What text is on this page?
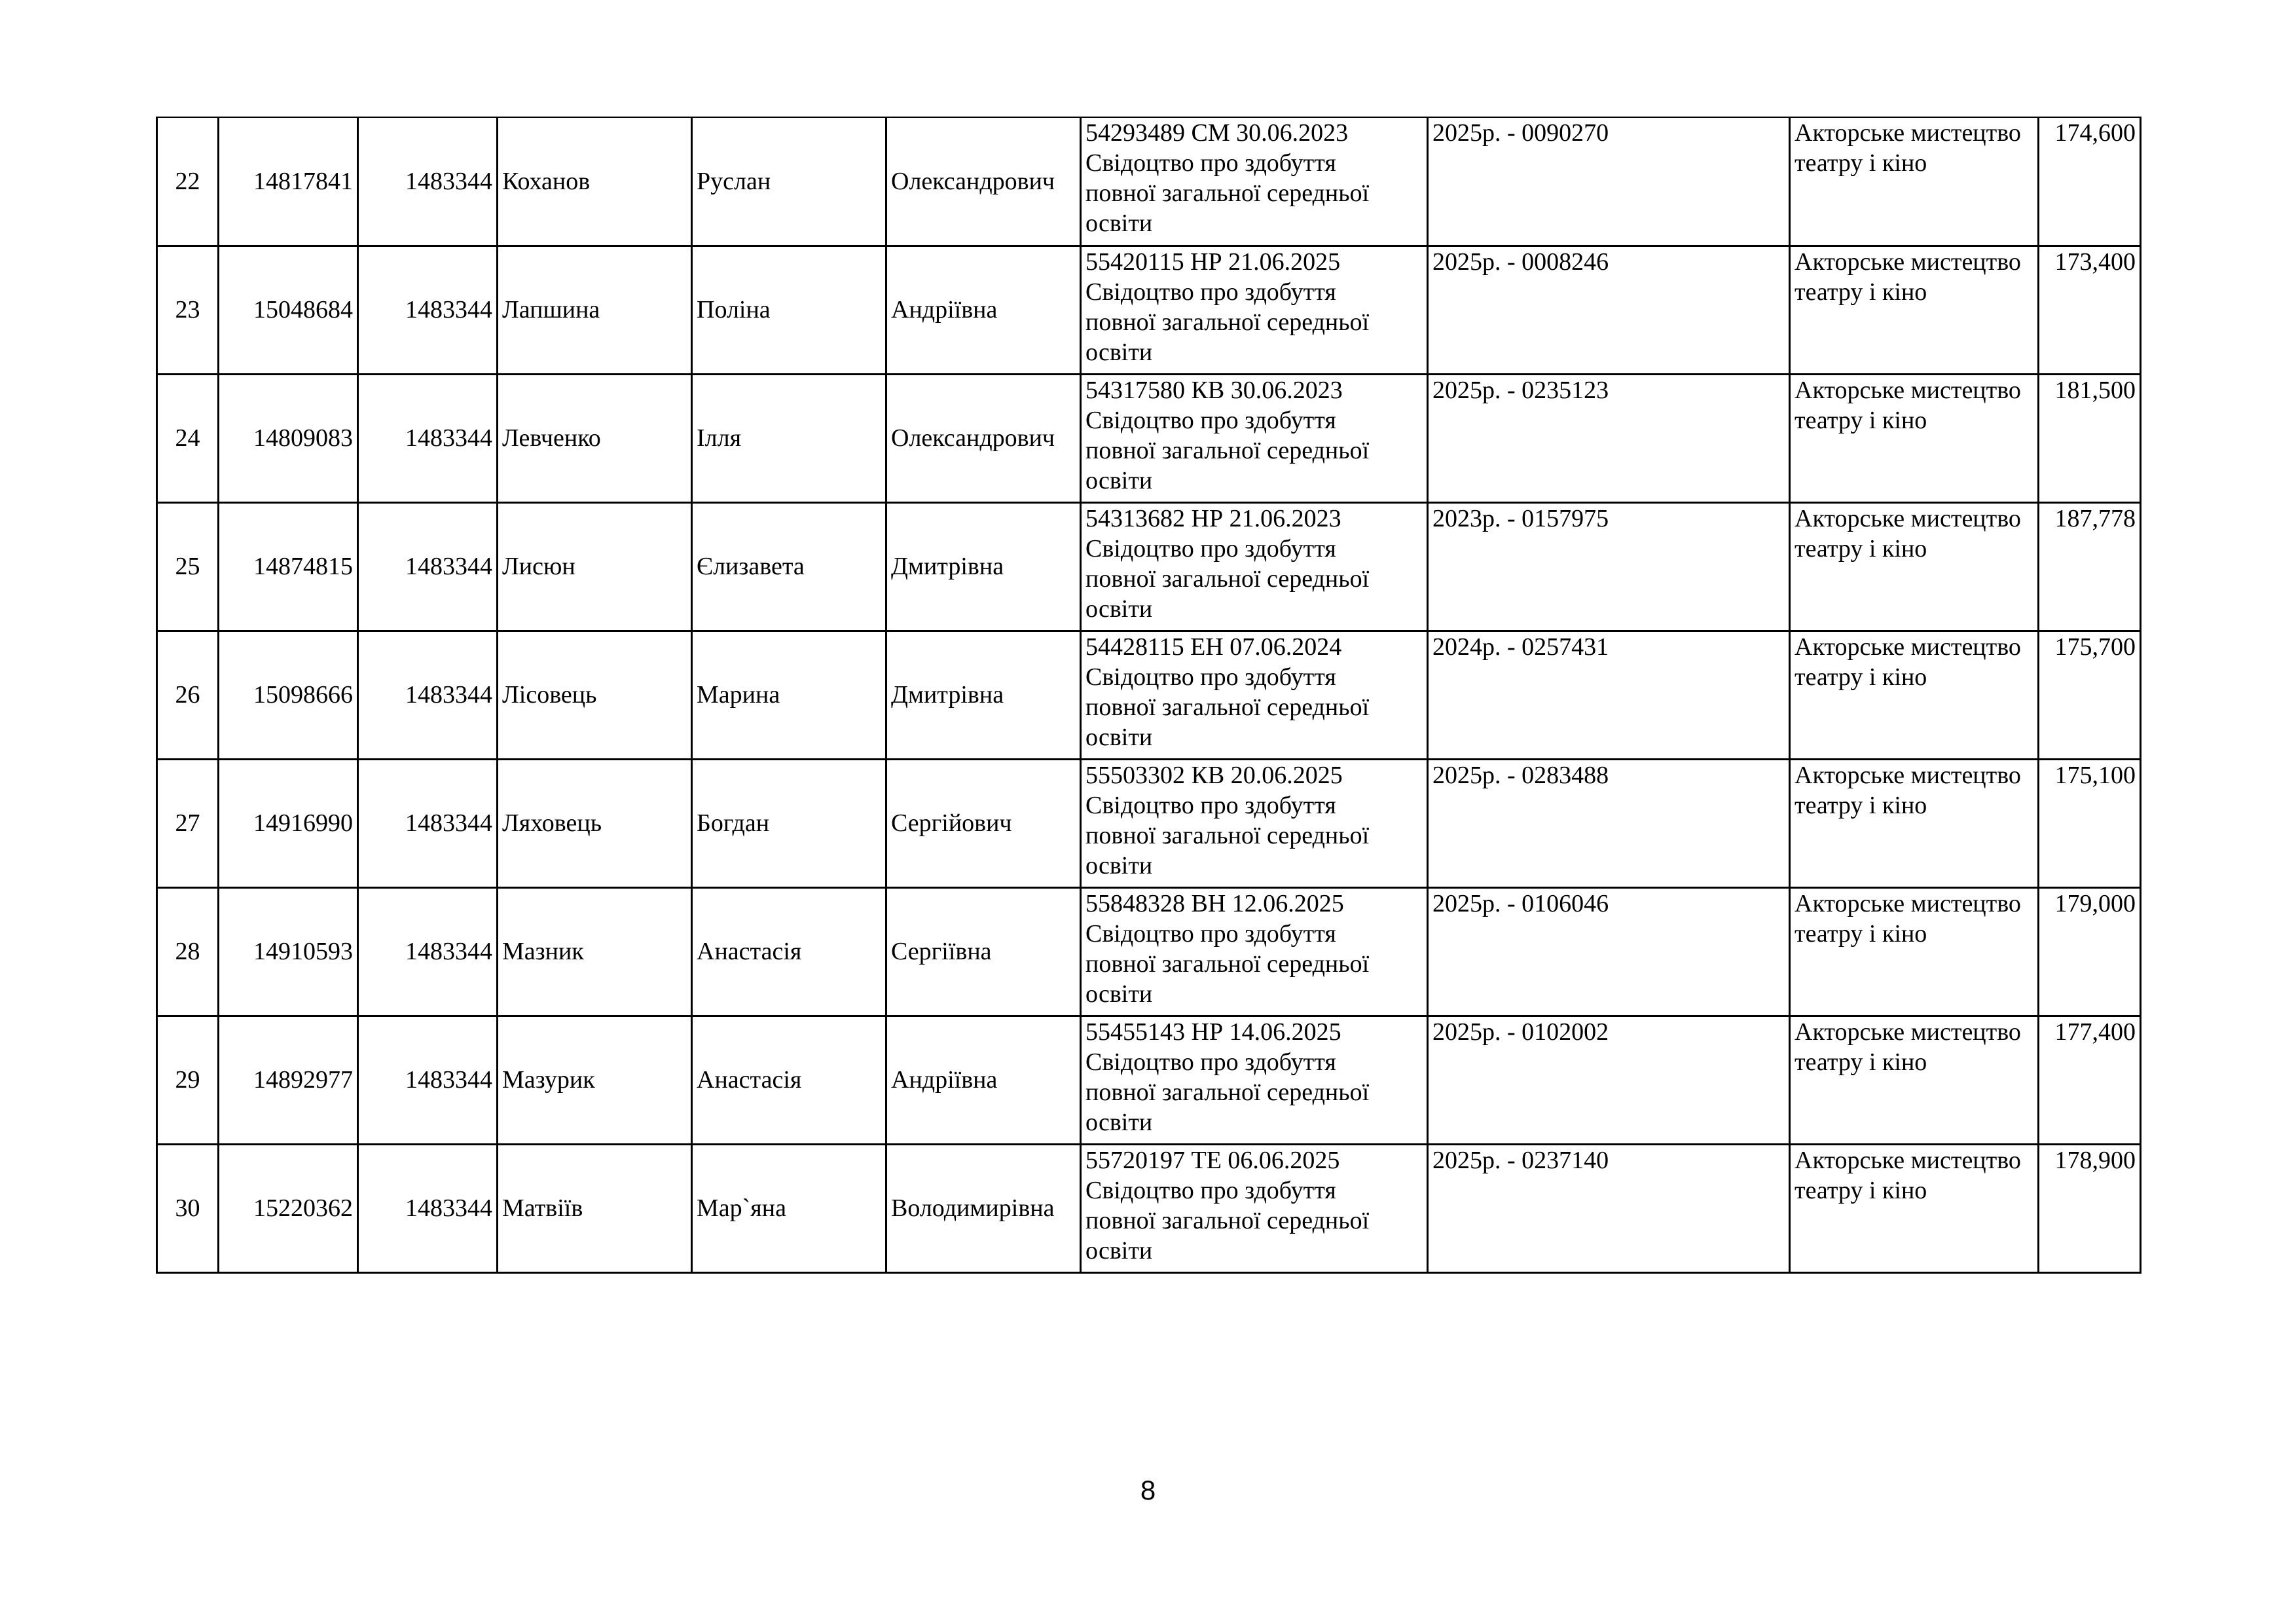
22	14817841	1483344	Коханов	Руслан	Олександрович	54293489 СМ 30.06.2023
Свідоцтво про здобуття
повної загальної середньої
освіти	2025р. - 0090270	Акторське мистецтво театру і кіно	174,600
23	15048684	1483344	Лапшина	Поліна	Андріївна	55420115 НР 21.06.2025
Свідоцтво про здобуття
повної загальної середньої
освіти	2025р. - 0008246	Акторське мистецтво театру і кіно	173,400
24	14809083	1483344	Левченко	Ілля	Олександрович	54317580 КВ 30.06.2023
Свідоцтво про здобуття
повної загальної середньої
освіти	2025р. - 0235123	Акторське мистецтво театру і кіно	181,500
25	14874815	1483344	Лисюн	Єлизавета	Дмитрівна	54313682 НР 21.06.2023
Свідоцтво про здобуття
повної загальної середньої
освіти	2023р. - 0157975	Акторське мистецтво театру і кіно	187,778
26	15098666	1483344	Лісовець	Марина	Дмитрівна	54428115 ЕН 07.06.2024
Свідоцтво про здобуття
повної загальної середньої
освіти	2024р. - 0257431	Акторське мистецтво театру і кіно	175,700
27	14916990	1483344	Ляховець	Богдан	Сергійович	55503302 КВ 20.06.2025
Свідоцтво про здобуття
повної загальної середньої
освіти	2025р. - 0283488	Акторське мистецтво театру і кіно	175,100
28	14910593	1483344	Мазник	Анастасія	Сергіївна	55848328 ВН 12.06.2025
Свідоцтво про здобуття
повної загальної середньої
освіти	2025р. - 0106046	Акторське мистецтво театру і кіно	179,000
29	14892977	1483344	Мазурик	Анастасія	Андріївна	55455143 НР 14.06.2025
Свідоцтво про здобуття
повної загальної середньої
освіти	2025р. - 0102002	Акторське мистецтво театру і кіно	177,400
30	15220362	1483344	Матвіїв	Мар`яна	Володимирівна	55720197 ТЕ 06.06.2025
Свідоцтво про здобуття
повної загальної середньої
освіти	2025р. - 0237140	Акторське мистецтво театру і кіно	178,900
8
